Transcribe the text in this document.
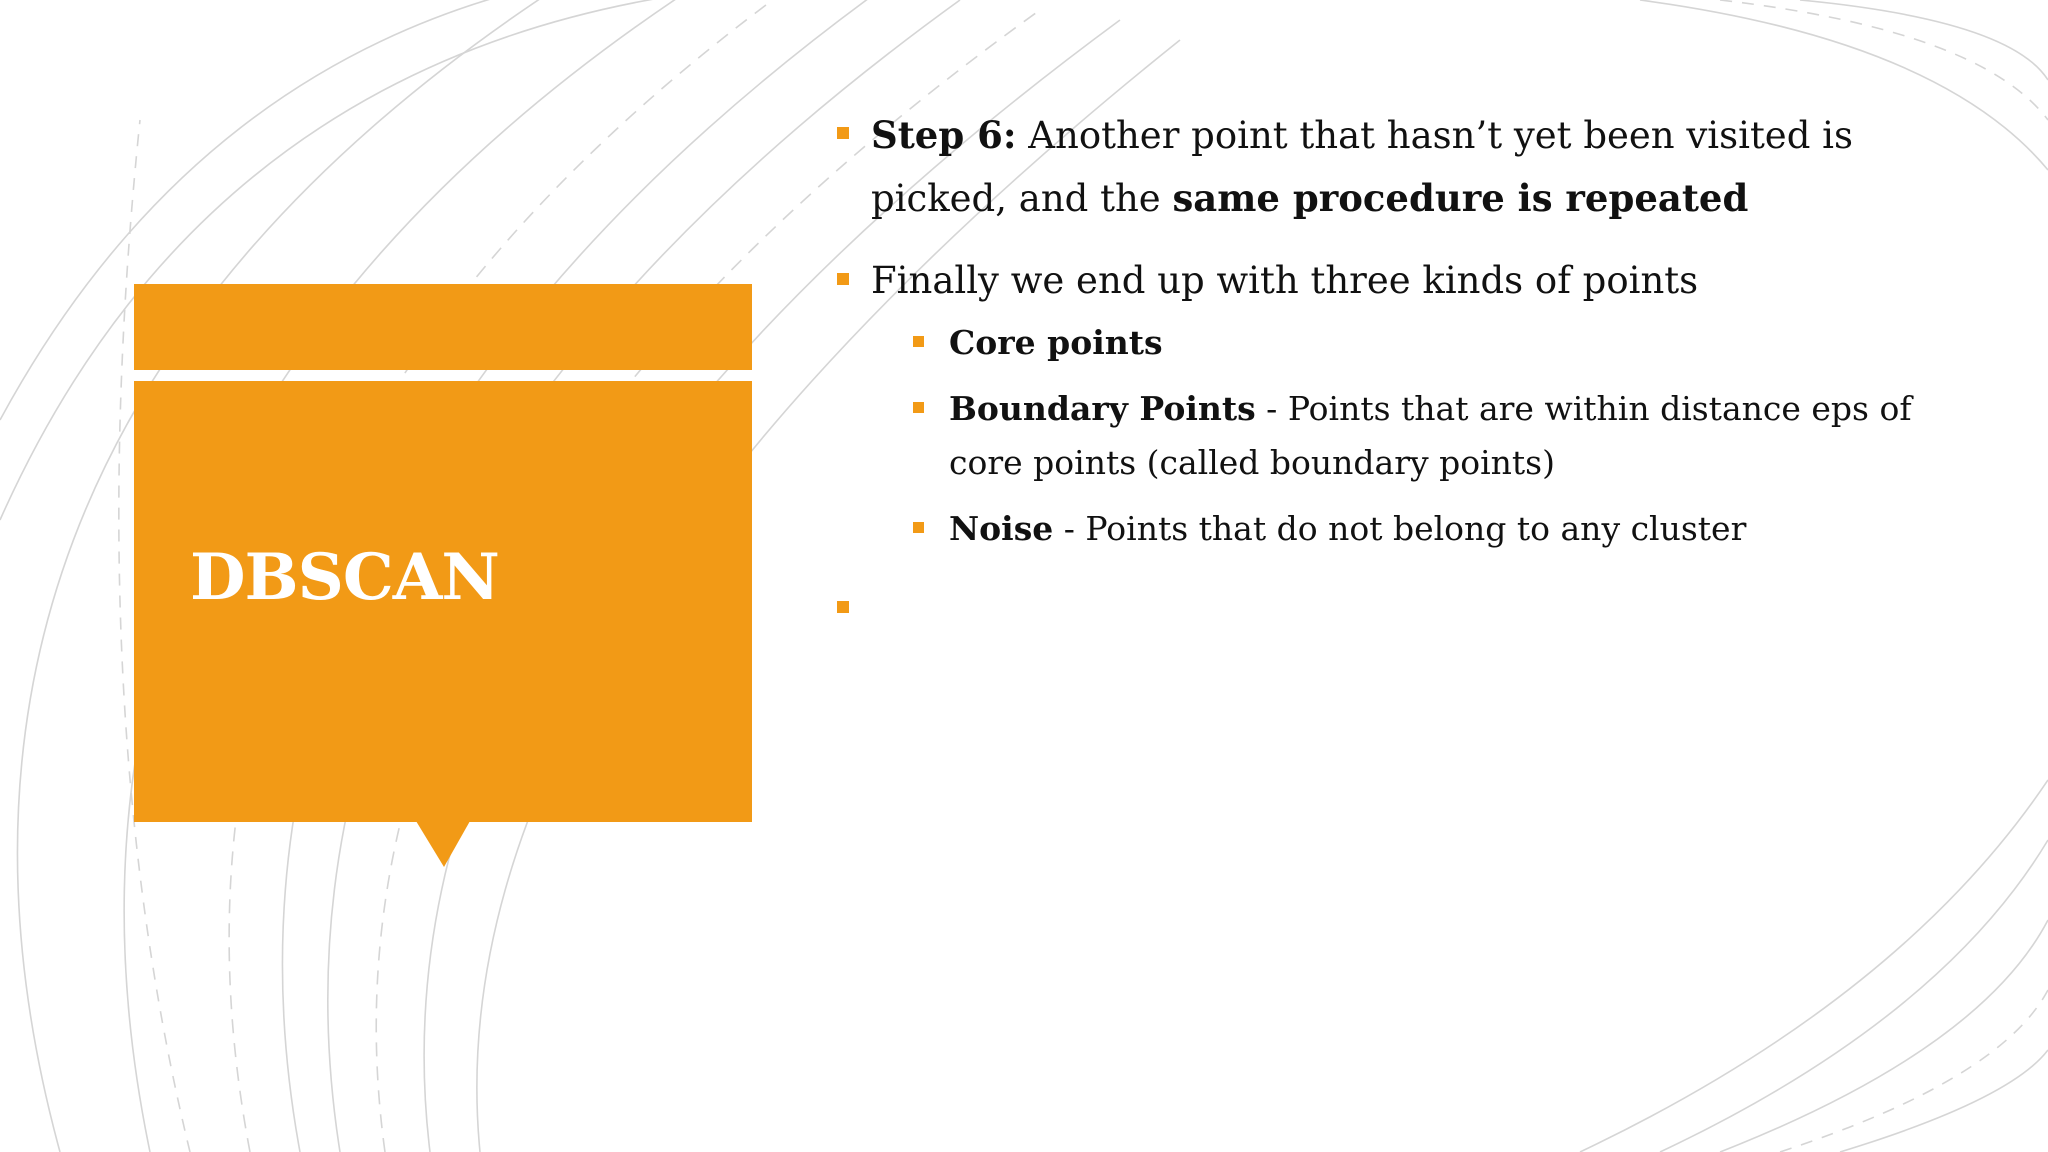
DBSCAN
Step 6: Another point that hasn’t yet been visited is picked, and the same procedure is repeated
Finally we end up with three kinds of points
Core points
Boundary Points - Points that are within distance eps of core points (called boundary points)
Noise - Points that do not belong to any cluster
